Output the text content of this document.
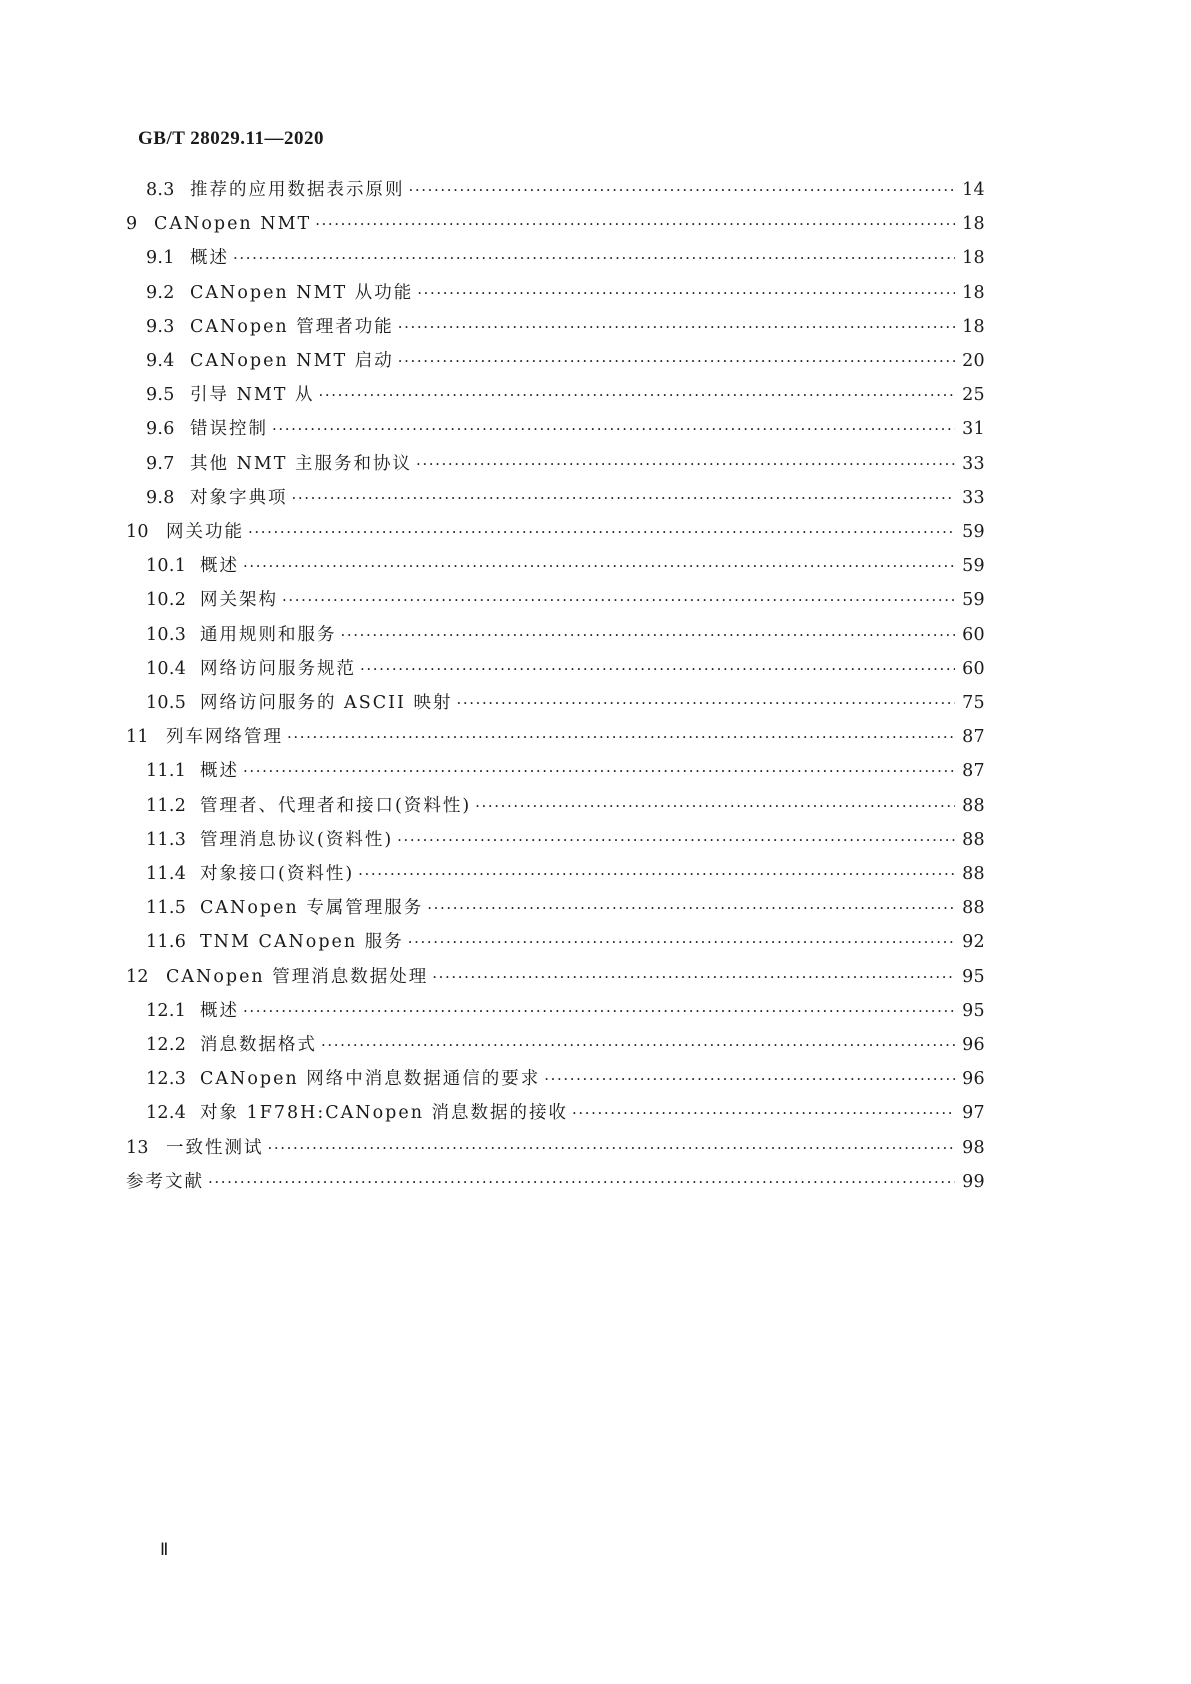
GB/T 28029.11—2020
8.3 推荐的应用数据表示原则 ·····	14
9 CANopen NMT ·····	18
9.1 概述 ·····	18
9.2 CANopen NMT 从功能 ·····	18
9.3 CANopen 管理者功能 ·····	18
9.4 CANopen NMT 启动 ·····	20
9.5 引导 NMT 从 ·····	25
9.6 错误控制 ·····	31
9.7 其他 NMT 主服务和协议 ·····	33
9.8 对象字典项 ·····	33
10 网关功能 ·····	59
10.1 概述 ·····	59
10.2 网关架构 ·····	59
10.3 通用规则和服务 ·····	60
10.4 网络访问服务规范 ·····	60
10.5 网络访问服务的 ASCII 映射 ·····	75
11 列车网络管理 ·····	87
11.1 概述 ·····	87
11.2 管理者、代理者和接口(资料性) ·····	88
11.3 管理消息协议(资料性) ·····	88
11.4 对象接口(资料性) ·····	88
11.5 CANopen 专属管理服务 ·····	88
11.6 TNM CANopen 服务 ·····	92
12 CANopen 管理消息数据处理 ·····	95
12.1 概述 ·····	95
12.2 消息数据格式 ·····	96
12.3 CANopen 网络中消息数据通信的要求 ·····	96
12.4 对象 1F78H:CANopen 消息数据的接收 ·····	97
13 一致性测试 ·····	98
参考文献 ·····	99
Ⅱ
